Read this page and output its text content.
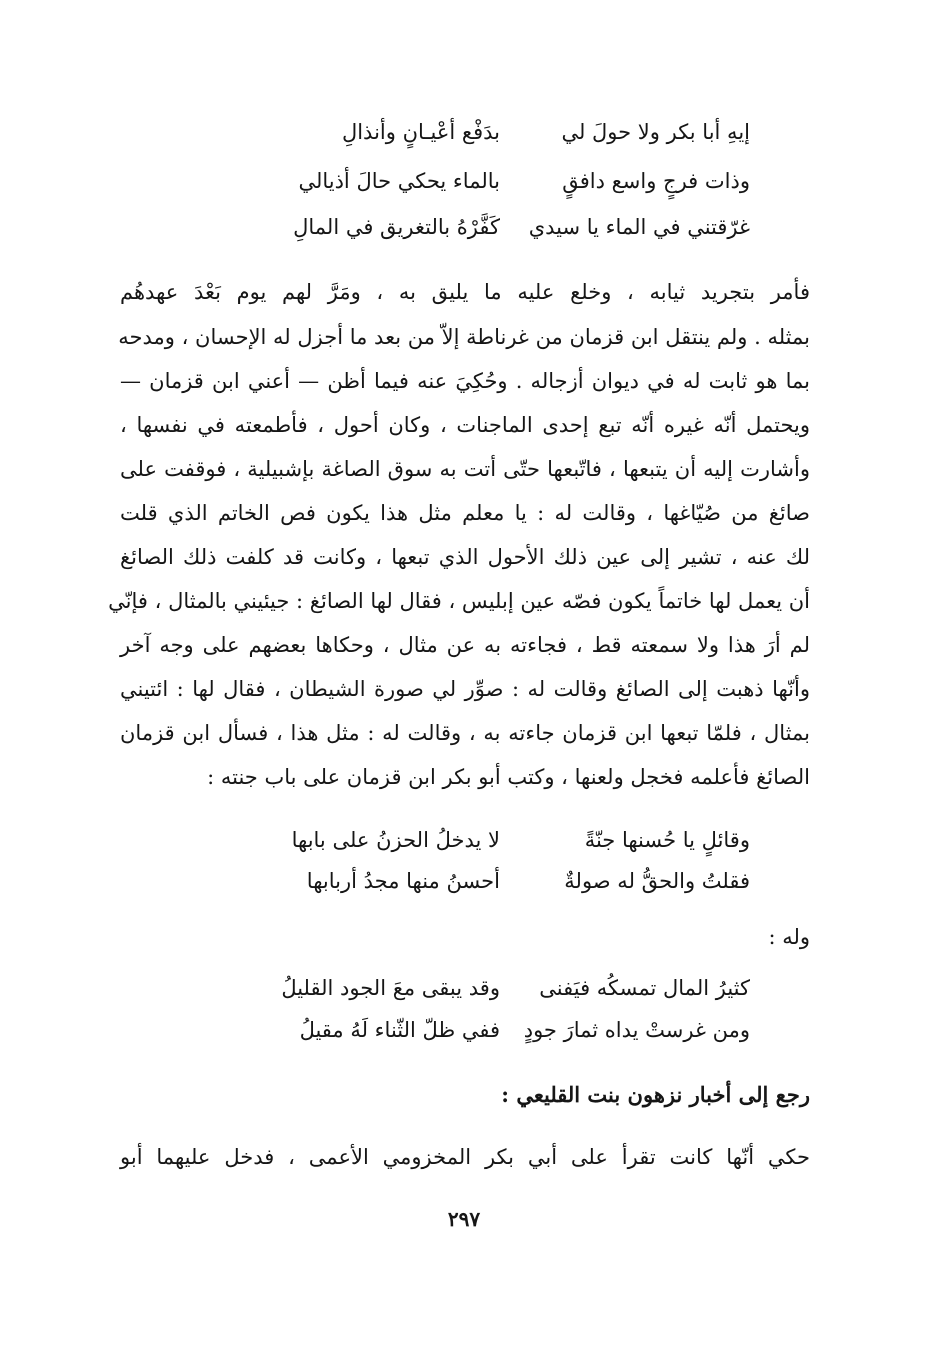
إيهِ أبا بكر ولا حولَ لي
بدَفْع أعْيـانٍ وأنذالِ
وذات فرجٍ واسع دافقٍ
بالماء يحكي حالَ أذيالي
غرّقتني في الماء يا سيدي
كَفَّرْهُ بالتغريق في المالِ
فأمر بتجريد ثيابه ، وخلع عليه ما يليق به ، ومَرَّ لهم يوم بَعْدَ عهدهُم
بمثله . ولم ينتقل ابن قزمان من غرناطة إلاّ من بعد ما أجزل له الإحسان ، ومدحه
بما هو ثابت له في ديوان أزجاله . وحُكِيَ عنه فيما أظن — أعني ابن قزمان —
ويحتمل أنّه غيره أنّه تبع إحدى الماجنات ، وكان أحول ، فأطمعته في نفسها ،
وأشارت إليه أن يتبعها ، فاتّبعها حتّى أتت به سوق الصاغة بإشبيلية ، فوقفت على
صائغ من صُيّاغها ، وقالت له : يا معلم مثل هذا يكون فص الخاتم الذي قلت
لك عنه ، تشير إلى عين ذلك الأحول الذي تبعها ، وكانت قد كلفت ذلك الصائغ
أن يعمل لها خاتماً يكون فصّه عين إبليس ، فقال لها الصائغ : جيئيني بالمثال ، فإنّي
لم أرَ هذا ولا سمعته قط ، فجاءته به عن مثال ، وحكاها بعضهم على وجه آخر
وأنّها ذهبت إلى الصائغ وقالت له : صوِّر لي صورة الشيطان ، فقال لها : ائتيني
بمثال ، فلمّا تبعها ابن قزمان جاءته به ، وقالت له : مثل هذا ، فسأل ابن قزمان
الصائغ فأعلمه فخجل ولعنها ، وكتب أبو بكر ابن قزمان على باب جنته :
وقائلٍ يا حُسنها جنّةً
لا يدخلُ الحزنُ على بابها
فقلتُ والحقُّ له صولةٌ
أحسنُ منها مجدُ أربابها
وله :
كثيرُ المال تمسكُه فيَفنى
وقد يبقى معَ الجود القليلُ
ومن غرستْ يداه ثمارَ جودٍ
ففي ظلّ الثّناء لَهُ مقيلُ
رجع إلى أخبار نزهون بنت القليعي :
حكي أنّها كانت تقرأ على أبي بكر المخزومي الأعمى ، فدخل عليهما أبو
٢٩٧
